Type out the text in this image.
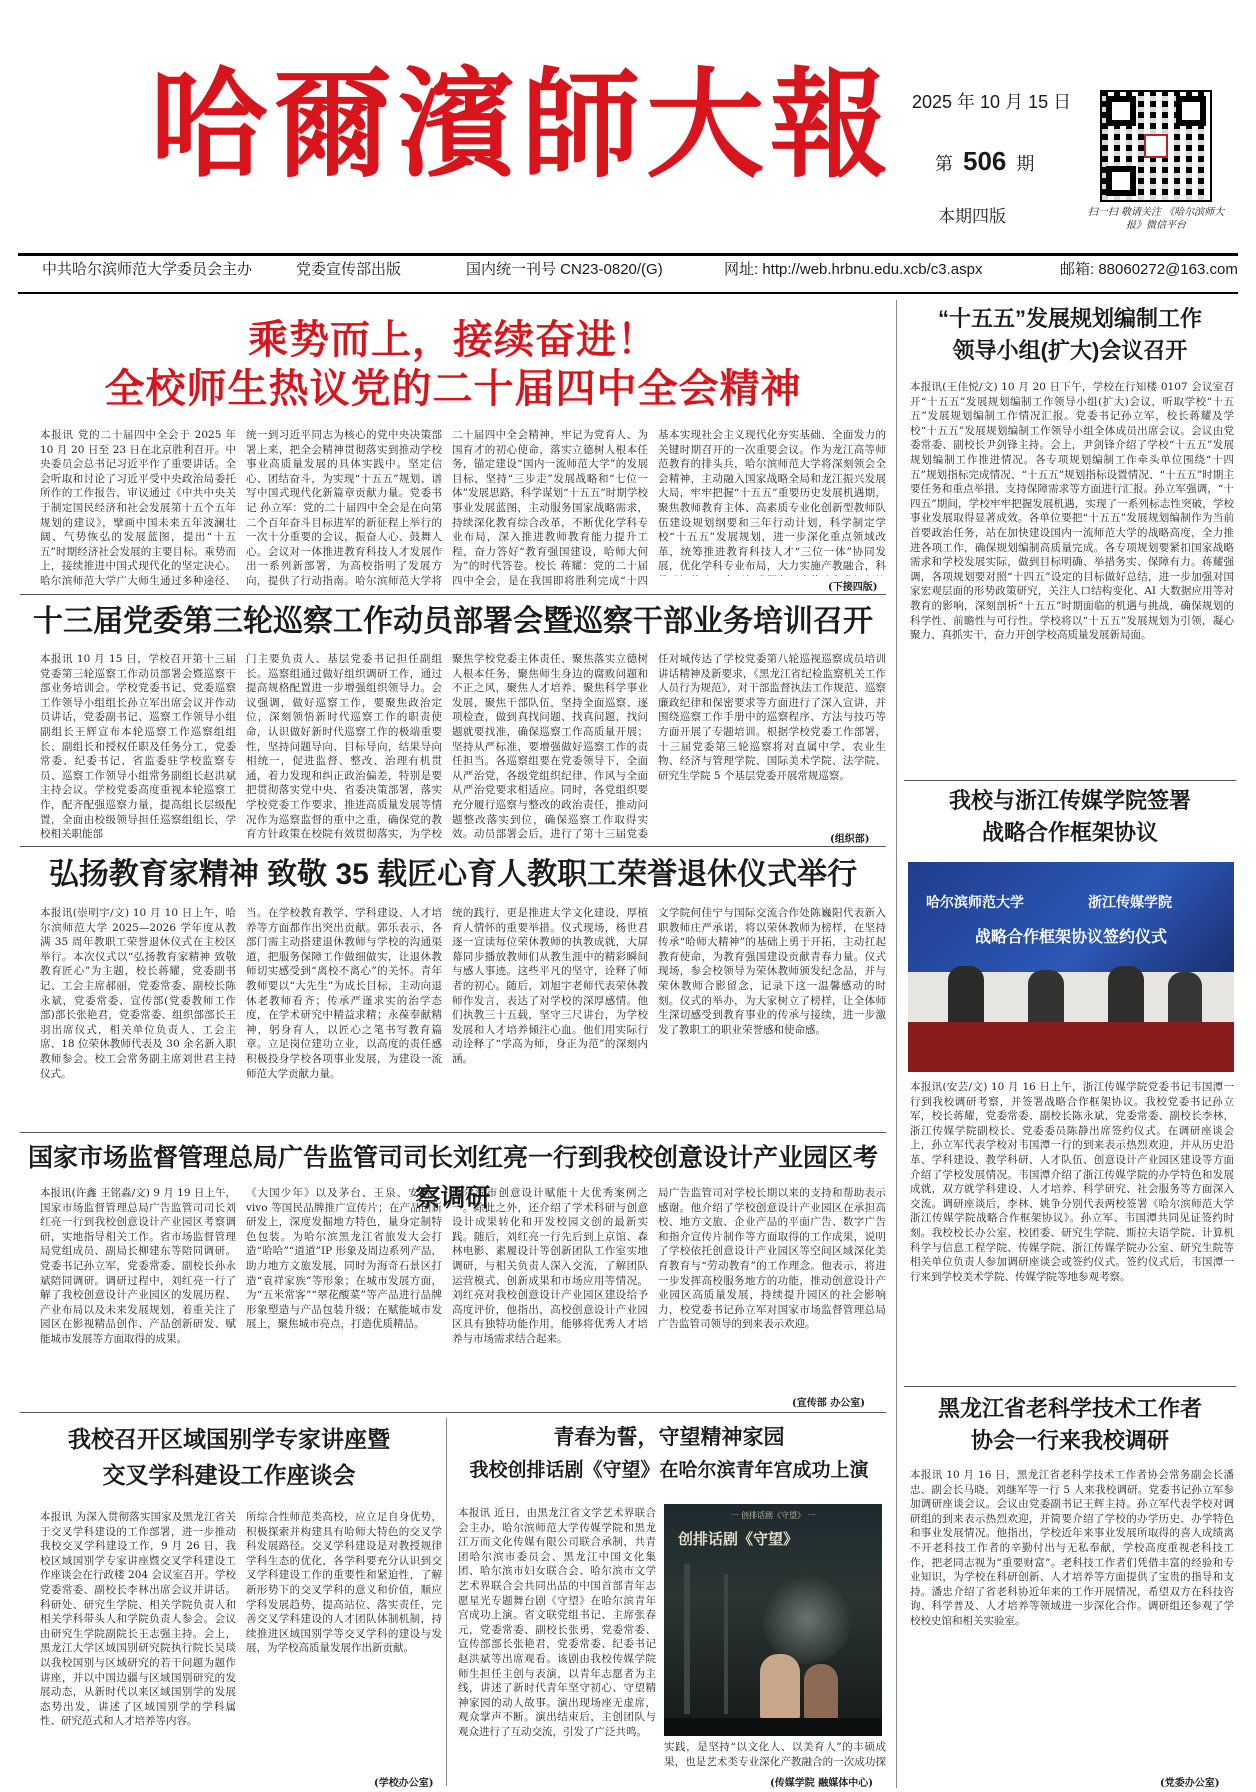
哈爾濱師大報 2025 年 10 月 15 日
第 506 期
本期四版	扫一扫 敬请关注 《哈尔滨师大报》微信平台
中共哈尔滨师范大学委员会主办	党委宣传部出版	国内统一刊号 CN23-0820/(G)	网址: http://web.hrbnu.edu.xcb/c3.aspx	邮箱: 88060272@163.com
乘势而上，接续奋进！
全校师生热议党的二十届四中全会精神
本报讯 党的二十届四中全会于 2025 年 10 月 20 日至 23 日在北京胜利召开。中央委员会总书记习近平作了重要讲话。全会听取和讨论了习近平受中央政治局委托所作的工作报告，审议通过《中共中央关于制定国民经济和社会发展第十五个五年规划的建议》，擘画中国未来五年波澜壮阔、气势恢弘的发展蓝图，提出“十五五”时期经济社会发展的主要目标。乘势而上，接续推进中国式现代化的坚定决心。哈尔滨师范大学广大师生通过多种途径、
统一到习近平同志为核心的党中央决策部署上来，把全会精神贯彻落实到推动学校事业高质量发展的具体实践中。坚定信心、团结奋斗，为实现“十五五”规划、谱写中国式现代化新篇章贡献力量。党委书记 孙立军：党的二十届四中全会是在向第二个百年奋斗目标进军的新征程上举行的一次十分重要的会议，振奋人心、鼓舞人心。会议对一体推进教育科技人才发展作出一系列新部署，为高校指明了发展方向，提供了行动指南。哈尔滨师范大学将
二十届四中全会精神，牢记为党育人、为国育才的初心使命，落实立德树人根本任务，锚定建设“国内一流师范大学”的发展目标，坚持“三步走”发展战略和“七位一体”发展思路，科学谋划“十五五”时期学校事业发展蓝图，主动服务国家战略需求，持续深化教育综合改革，不断优化学科专业布局，深入推进教师教育能力提升工程，奋力答好“教育强国建设，哈师大何为”的时代答卷。校长 蒋耀：党的二十届四中全会，是在我国即将胜利完成“十四
基本实现社会主义现代化夯实基础、全面发力的关键时期召开的一次重要会议。作为龙江高等师范教育的排头兵，哈尔滨师范大学将深刻领会全会精神，主动融入国家战略全局和龙江振兴发展大局，牢牢把握“十五五”重要历史发展机遇期，聚焦教师教育主体、高素质专业化创新型教师队伍建设规划纲要和三年行动计划，科学制定学校“十五五”发展规划，进一步深化重点领域改革，统筹推进教育科技人才“三位一体”协同发展，优化学科专业布局，大力实施产教融合，科
(下接四版)
十三届党委第三轮巡察工作动员部署会暨巡察干部业务培训召开
本报讯 10 月 15 日，学校召开第十三届党委第三轮巡察工作动员部署会暨巡察干部业务培训会。学校党委书记、党委巡察工作领导小组组长孙立军出席会议并作动员讲话，党委副书记、巡察工作领导小组副组长王辉宣布本轮巡察工作巡察组组长、副组长和授权任职及任务分工，党委常委、纪委书记、省监委驻学校监察专员、巡察工作领导小组常务副组长赵洪斌主持会议。学校党委高度重视本轮巡察工作，配齐配强巡察力量，提高组长层级配置，全面由校级领导担任巡察组组长，学校相关职能部
门主要负责人、基层党委书记担任副组长。巡察组通过做好组织调研工作，通过提高规格配置进一步增强组织领导力。会议强调，做好巡察工作，要聚焦政治定位，深刻领悟新时代巡察工作的职责使命，认识做好新时代巡察工作的极端重要性，坚持问题导向、目标导向，结果导向相统一，促进监督、整改、治理有机贯通，着力发现和纠正政治偏差，特别是要把贯彻落实党中央、省委决策部署，落实学校党委工作要求，推进高质量发展等情况作为巡察监督的重中之重，确保党的教育方针政策在校院有效贯彻落实，为学校
聚焦学校党委主体责任、聚焦落实立德树人根本任务，聚焦师生身边的腐败问题和不正之风，聚焦人才培养、聚焦科学事业发展，聚焦干部队伍，坚持全面巡察、逐项检查，做到真找问题、找真问题，找问题就要找准，确保巡察工作高质量开展；坚持从严标准，要增强做好巡察工作的责任担当。各巡察组要在党委领导下，全面从严治党，各级党组织纪律、作风与全面从严治党要求相适应。同时，各党组织要充分履行巡察与整改的政治责任，推动问题整改落实到位，确保巡察工作取得实效。动员部署会后，进行了第十三届党委
任对城传达了学校党委第八轮巡视巡察成员培训讲话精神及新要求，《黑龙江省纪检监察机关工作人员行为规范》，对干部监督执法工作规范、巡察廉政纪律和保密要求等方面进行了深入宣讲，并围绕巡察工作手册中的巡察程序、方法与技巧等方面开展了专题培训。根据学校党委工作部署，十三届党委第三轮巡察将对直属中学、农业生物、经济与管理学院、国际美术学院、法学院、研究生学院 5 个基层党委开展常规巡察。
(组织部)
弘扬教育家精神 致敬 35 载匠心育人教职工荣誉退休仪式举行
本报讯(崇明宇/文) 10 月 10 日上午，哈尔滨师范大学 2025—2026 学年度从教满 35 周年教职工荣誉退休仪式在主校区举行。本次仪式以“弘扬教育家精神 致敬教育匠心”为主题，校长蒋耀，党委副书记、工会主席郝丽，党委常委、副校长陈永斌，党委常委、宣传部(党委教师工作部)部长张艳君，党委常委、组织部部长王羽出席仪式，相关单位负责人、工会主席、18 位荣休教师代表及 30 余名新入职教师参会。校工会常务副主席刘世君主持仪式。
当。在学校教育教学、学科建设、人才培养等方面都作出突出贡献。郭乐表示，各部门需主动搭建退休教师与学校的沟通渠道，把服务保障工作做细做实，让退休教师切实感受到“离校不离心”的关怀。青年教师要以“大先生”为成长目标，主动向退休老教师看齐；传承严谨求实的治学态度，在学术研究中精益求精；永葆奉献精神，躬身育人，以匠心之笔书写教育篇章。立足岗位建功立业，以高度的责任感积极投身学校各项事业发展，为建设一流师范大学贡献力量。
统的践行，更是推进大学文化建设，厚植育人情怀的重要举措。仪式现场，杨世君逐一宣读每位荣休教师的执教成就，大屏幕同步播放教师们从教生涯中的精彩瞬间与感人事迹。这些平凡的坚守，诠释了师者的初心。随后，刘旭宇老师代表荣休教师作发言，表达了对学校的深厚感情。他们执教三十五载，坚守三尺讲台，为学校发展和人才培养倾注心血。他们用实际行动诠释了“学高为师，身正为范”的深刻内涵。
文学院何佳宁与国际交流合作处陈巍阳代表新入职教师庄严承诺，将以荣休教师为榜样，在坚持传承“哈师大精神”的基础上勇于开拓，主动扛起教育使命，为教育强国建设贡献青春力量。仪式现场，参会校领导为荣休教师颁发纪念品，并与荣休教师合影留念，记录下这一温馨感动的时刻。仪式的举办，为大家树立了榜样，让全体师生深切感受到教育事业的传承与接续，进一步激发了教职工的职业荣誉感和使命感。
国家市场监督管理总局广告监管司司长刘红亮一行到我校创意设计产业园区考察调研
本报讯(许鑫 王铭淼/文) 9 月 19 日上午，国家市场监督管理总局广告监管司司长刘红亮一行到我校创意设计产业园区考察调研，实地指导相关工作。省市场监督管理局党组成员、副局长柳建东等陪同调研。党委书记孙立军，党委常委、副校长孙永斌陪同调研。调研过程中，刘红亮一行了解了我校创意设计产业园区的发展历程、产业布局以及未来发展规划，着重关注了园区在影视精品创作、产品创新研发、赋能城市发展等方面取得的成果。
《大国少年》以及茅台、王泉、安踏、vivo 等国民品牌推广宣传片；在产品创新研发上，深度发掘地方特色，量身定制特色包装。为哈尔滨黑龙江省旅发大会打造“哈哈”“道道”IP 形象及周边系列产品，助力地方文旅发展，同时为海奇石景区打造“袁祥家族”等形象；在城市发展方面，为“五米常客”“翠花酸菜”等产品进行品牌形象塑造与产品包装升级；在赋能城市发展上，聚焦城市亮点，打造优质精品。
哈尔滨市创意设计赋能十大优秀案例之一。除此之外，还介绍了学术科研与创意设计成果转化和开发校园文创的最新实践。随后，刘红亮一行先后到上京馆、森林电影、素履设计等创新团队工作室实地调研，与相关负责人深入交流，了解团队运营模式、创新成果和市场应用等情况。刘红亮对我校创意设计产业园区建设给予高度评价，他指出，高校创意设计产业园区具有独特功能作用，能够将优秀人才培养与市场需求结合起来。
局广告监管司对学校长期以来的支持和帮助表示感谢。他介绍了学校创意设计产业园区在承担高校、地方文旅、企业产品的平面广告、数字广告和指介宣传片制作等方面取得的工作成果，说明了学校依托创意设计产业园区等空间区域深化美育教育与“劳动教育”的工作理念。他表示，将进一步发挥高校服务地方的功能，推动创意设计产业园区高质量发展，持续提升园区的社会影响力，校党委书记孙立军对国家市场监督管理总局广告监管司领导的到来表示欢迎。
(宣传部 办公室)
我校召开区域国别学专家讲座暨
交叉学科建设工作座谈会
本报讯 为深入贯彻落实国家及黑龙江省关于交叉学科建设的工作部署，进一步推动我校交叉学科建设工作，9 月 26 日，我校区域国别学专家讲座暨交叉学科建设工作座谈会在行政楼 204 会议室召开。学校党委常委、副校长李林出席会议并讲话。科研处、研究生学院、相关学院负责人和相关学科带头人和学院负责人参会。会议由研究生学院副院长王志强主持。会上，黑龙江大学区域国别研究院执行院长吴琰以我校国别与区域研究的若干问题为题作讲座，并以中国边疆与区域国别研究的发展动态，从新时代以来区域国别学的发展态势出发，讲述了区域国别学的学科属性、研究范式和人才培养等内容。
所综合性师范类高校，应立足自身优势，积极探索并构建具有哈师大特色的交叉学科发展路径。交叉学科建设是对教授规律学科生态的优化，各学科要充分认识到交叉学科建设工作的重要性和紧迫性，了解新形势下的交叉学科的意义和价值，顺应学科发展趋势，提高站位、落实责任，完善交叉学科建设的人才团队体制机制，持续推进区域国别学等交叉学科的建设与发展，为学校高质量发展作出新贡献。
(学校办公室)
青春为誓，守望精神家园
我校创排话剧《守望》在哈尔滨青年宫成功上演
本报讯 近日，由黑龙江省文学艺术界联合会主办，哈尔滨师范大学传媒学院和黑龙江万而文化传媒有限公司联合承制，共青团哈尔滨市委员会、黑龙江中国文化集团、哈尔滨市妇女联合会、哈尔滨市文学艺术界联合会共同出品的中国首部青年志愿星光专题舞台剧《守望》在哈尔滨青年宫成功上演。省文联党组书记、主席张春元，党委常委、副校长张勇，党委常委、宣传部部长张艳君，党委常委、纪委书记赵洪斌等出席观看。该剧由我校传媒学院师生担任主创与表演，以青年志愿者为主线，讲述了新时代青年坚守初心、守望精神家园的动人故事。演出现场座无虚席，观众掌声不断。演出结束后，主创团队与观众进行了互动交流，引发了广泛共鸣。
一 创排话剧《守望》 一
创排话剧《守望》
实践，是坚持“以文化人、以美育人”的丰硕成果，也是艺术类专业深化产教融合的一次成功探
(传媒学院 融媒体中心)
“十五五”发展规划编制工作
领导小组(扩大)会议召开
本报讯(王佳悦/文) 10 月 20 日下午，学校在行知楼 0107 会议室召开“十五五”发展规划编制工作领导小组(扩大)会议，听取学校“十五五”发展规划编制工作情况汇报。党委书记孙立军，校长蒋耀及学校“十五五”发展规划编制工作领导小组全体成员出席会议。会议由党委常委、副校长尹剑锋主持。会上，尹剑锋介绍了学校“十五五”发展规划编制工作推进情况。各专项规划编制工作牵头单位围绕“十四五”规划指标完成情况、“十五五”规划指标设置情况、“十五五”时期主要任务和重点举措、支持保障需求等方面进行汇报。孙立军强调，“十四五”期间，学校牢牢把握发展机遇，实现了一系列标志性突破，学校事业发展取得显著成效。各单位要把“十五五”发展规划编制作为当前首要政治任务，站在加快建设国内一流师范大学的战略高度，全力推进各项工作，确保规划编制高质量完成。各专项规划要紧扣国家战略需求和学校发展实际，做到目标明确、举措务实、保障有力。蒋耀强调，各项规划要对照“十四五”设定的目标做好总结，进一步加强对国家宏观层面的形势政策研究，关注人口结构变化、AI 大数据应用等对教育的影响，深刻剖析“十五五”时期面临的机遇与挑战，确保规划的科学性、前瞻性与可行性。学校将以“十五五”发展规划为引领，凝心聚力、真抓实干，奋力开创学校高质量发展新局面。
我校与浙江传媒学院签署
战略合作框架协议
哈尔滨师范大学	浙江传媒学院
战略合作框架协议签约仪式
本报讯(安芸/文) 10 月 16 日上午，浙江传媒学院党委书记韦国潭一行到我校调研考察，并签署战略合作框架协议。我校党委书记孙立军，校长蒋耀，党委常委、副校长陈永斌，党委常委、副校长李林，浙江传媒学院副校长、党委委员陈静出席签约仪式。在调研座谈会上，孙立军代表学校对韦国潭一行的到来表示热烈欢迎，并从历史沿革、学科建设、教学科研、人才队伍、创意设计产业园区建设等方面介绍了学校发展情况。韦国潭介绍了浙江传媒学院的办学特色和发展成就，双方就学科建设、人才培养、科学研究、社会服务等方面深入交流。调研座谈后，李林、姚争分别代表两校签署《哈尔滨师范大学 浙江传媒学院战略合作框架协议》。孙立军、韦国潭共同见证签约时刻。我校校长办公室、校团委、研究生学院、斯拉夫语学院、计算机科学与信息工程学院、传媒学院、浙江传媒学院办公室、研究生院等相关单位负责人参加调研座谈会或签约仪式。签约仪式后，韦国潭一行来到学校美术学院、传媒学院等地参观考察。
黑龙江省老科学技术工作者
协会一行来我校调研
本报讯 10 月 16 日，黑龙江省老科学技术工作者协会常务副会长潘忠、副会长马晓、刘继军等一行 5 人来我校调研。党委书记孙立军参加调研座谈会议。会议由党委副书记王辉主持。孙立军代表学校对调研组的到来表示热烈欢迎，并简要介绍了学校的办学历史、办学特色和事业发展情况。他指出，学校近年来事业发展所取得的喜人成绩离不开老科技工作者的辛勤付出与无私奉献，学校高度重视老科技工作，把老同志视为“重要财富”。老科技工作者们凭借丰富的经验和专业知识，为学校在科研创新、人才培养等方面提供了宝贵的指导和支持。潘忠介绍了省老科协近年来的工作开展情况，希望双方在科技咨询、科学普及、人才培养等领域进一步深化合作。调研组还参观了学校校史馆和相关实验室。
(党委办公室)
